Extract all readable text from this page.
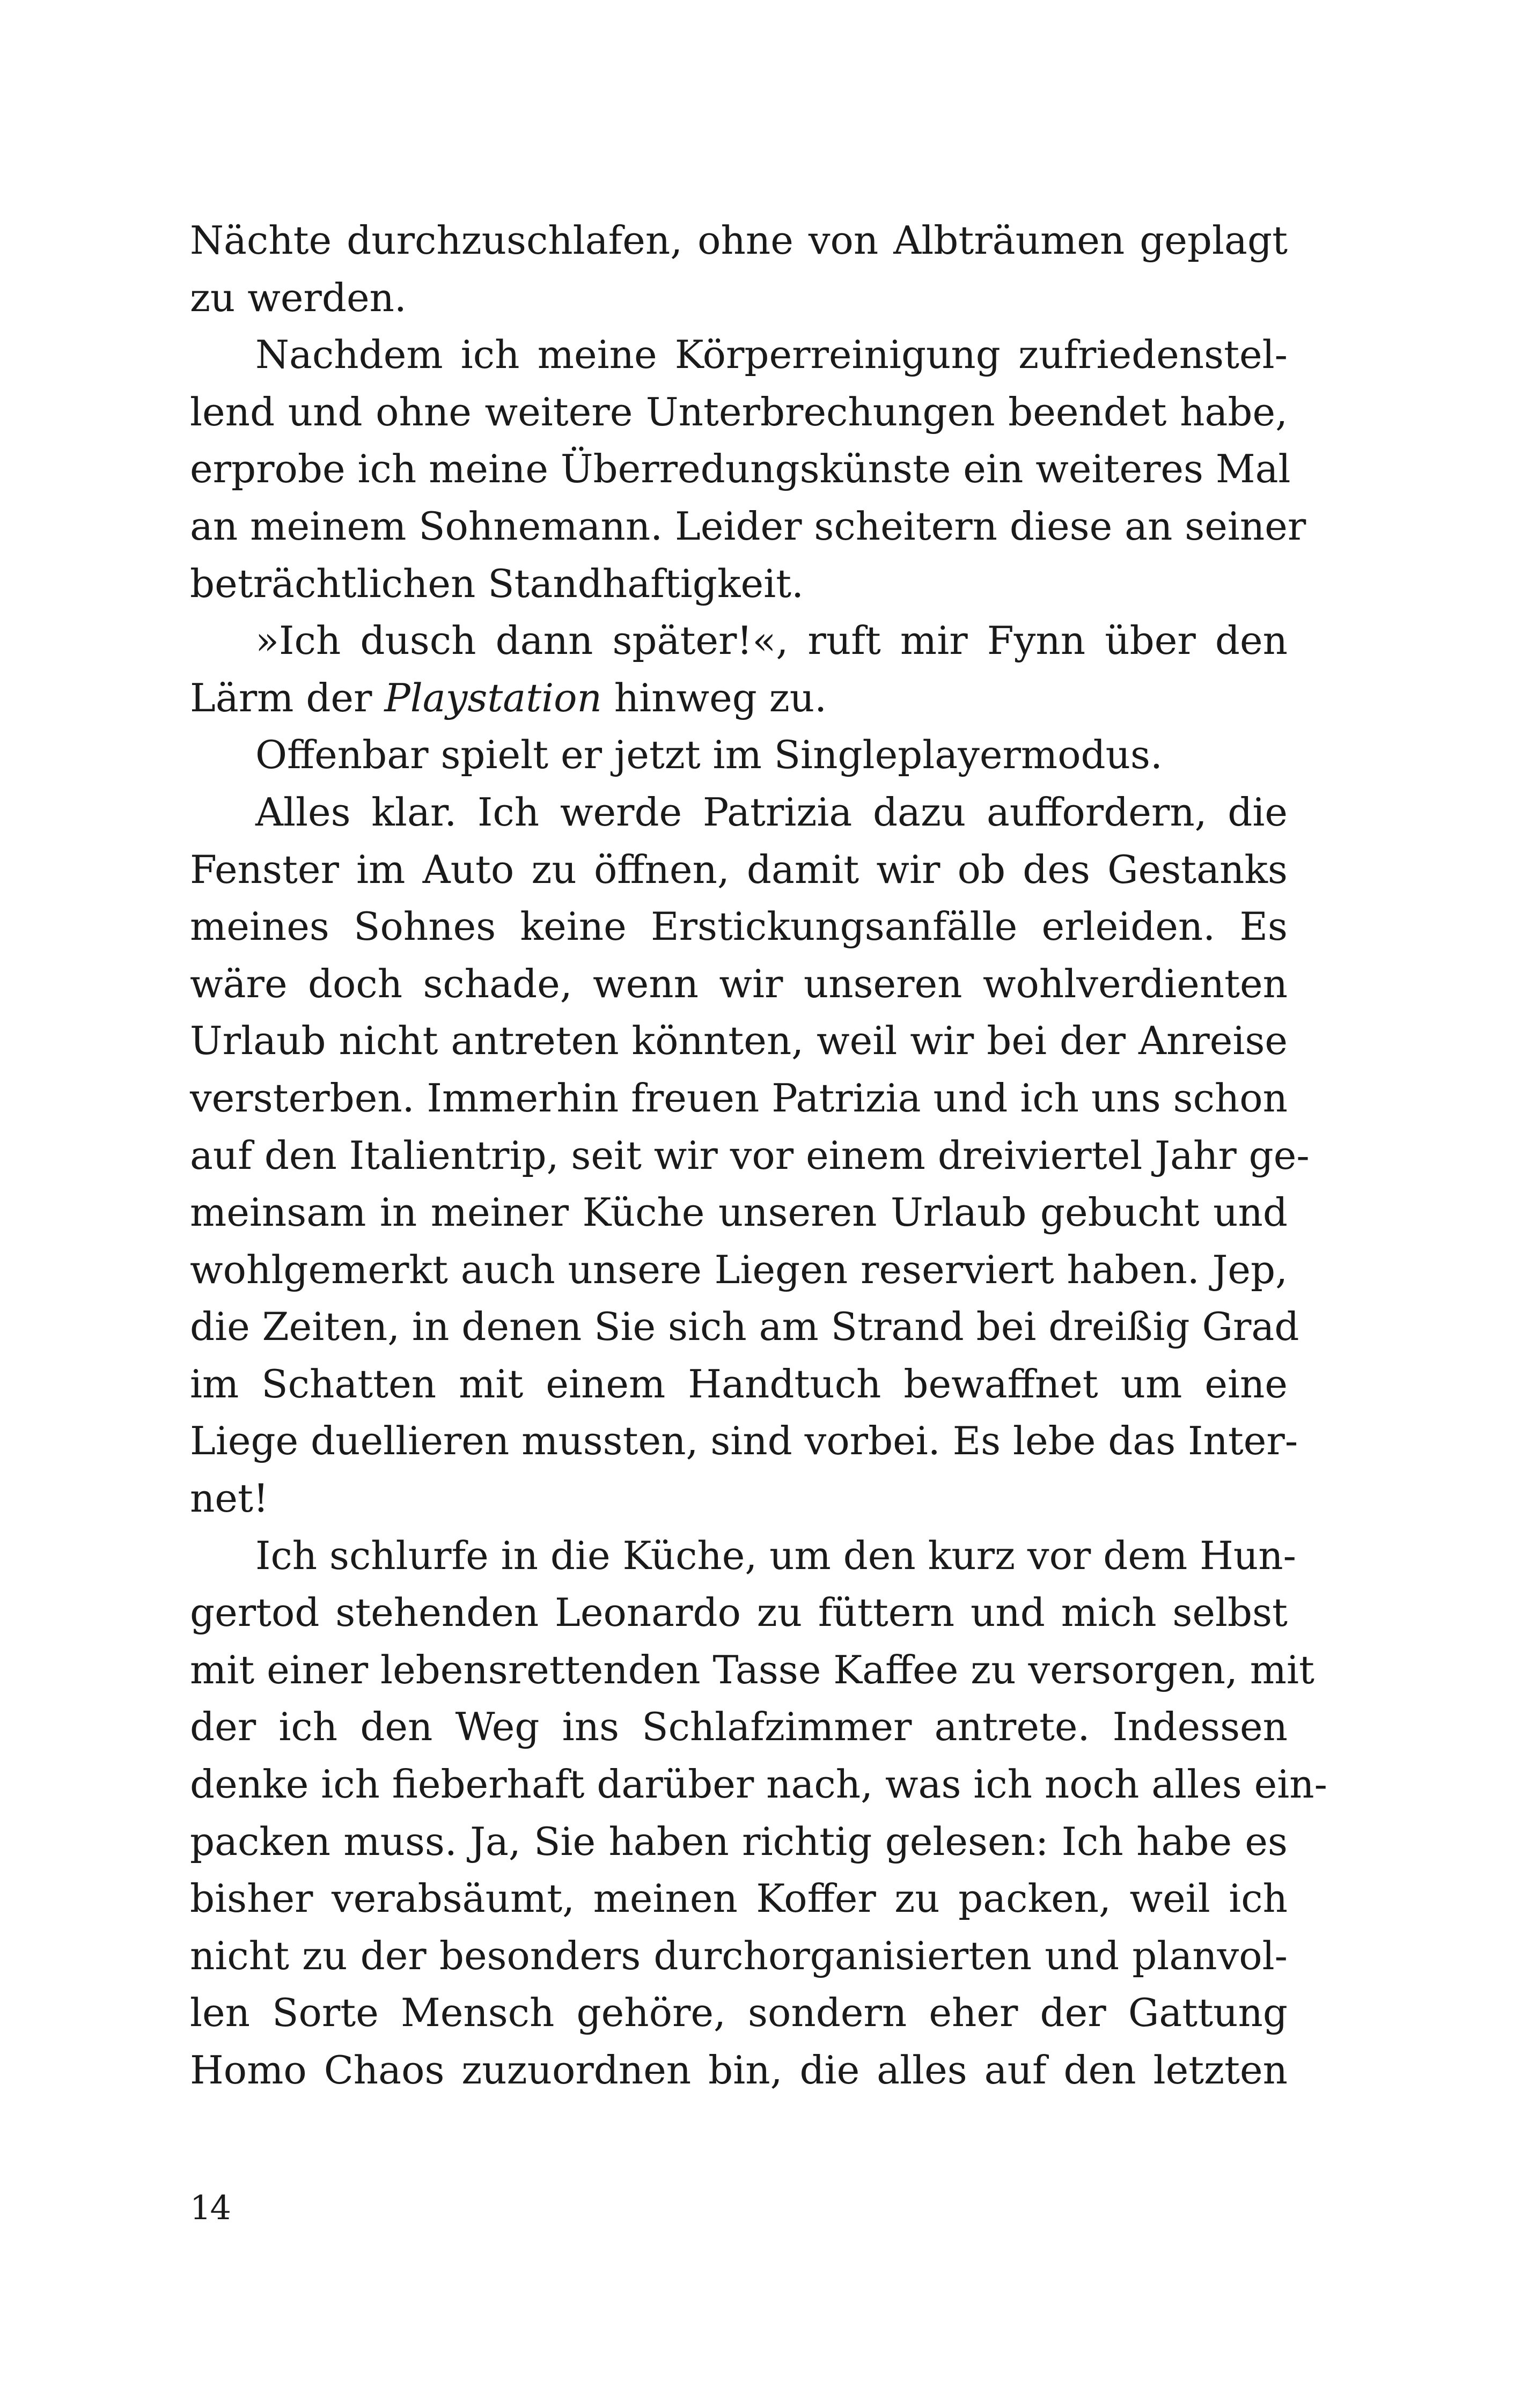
Nächte durchzuschlafen, ohne von Albträumen geplagt
zu werden.
Nachdem ich meine Körperreinigung zufriedenstel-
lend und ohne weitere Unterbrechungen beendet habe,
erprobe ich meine Überredungskünste ein weiteres Mal
an meinem Sohnemann. Leider scheitern diese an seiner
beträchtlichen Standhaftigkeit.
»Ich dusch dann später!«, ruft mir Fynn über den
Lärm der Playstation hinweg zu.
Offenbar spielt er jetzt im Singleplayermodus.
Alles klar. Ich werde Patrizia dazu auffordern, die
Fenster im Auto zu öffnen, damit wir ob des Gestanks
meines Sohnes keine Erstickungsanfälle erleiden. Es
wäre doch schade, wenn wir unseren wohlverdienten
Urlaub nicht antreten könnten, weil wir bei der Anreise
versterben. Immerhin freuen Patrizia und ich uns schon
auf den Italientrip, seit wir vor einem dreiviertel Jahr ge-
meinsam in meiner Küche unseren Urlaub gebucht und
wohlgemerkt auch unsere Liegen reserviert haben. Jep,
die Zeiten, in denen Sie sich am Strand bei dreißig Grad
im Schatten mit einem Handtuch bewaffnet um eine
Liege duellieren mussten, sind vorbei. Es lebe das Inter-
net!
Ich schlurfe in die Küche, um den kurz vor dem Hun-
gertod stehenden Leonardo zu füttern und mich selbst
mit einer lebensrettenden Tasse Kaffee zu versorgen, mit
der ich den Weg ins Schlafzimmer antrete. Indessen
denke ich fieberhaft darüber nach, was ich noch alles ein-
packen muss. Ja, Sie haben richtig gelesen: Ich habe es
bisher verabsäumt, meinen Koffer zu packen, weil ich
nicht zu der besonders durchorganisierten und planvol-
len Sorte Mensch gehöre, sondern eher der Gattung
Homo Chaos zuzuordnen bin, die alles auf den letzten
14
